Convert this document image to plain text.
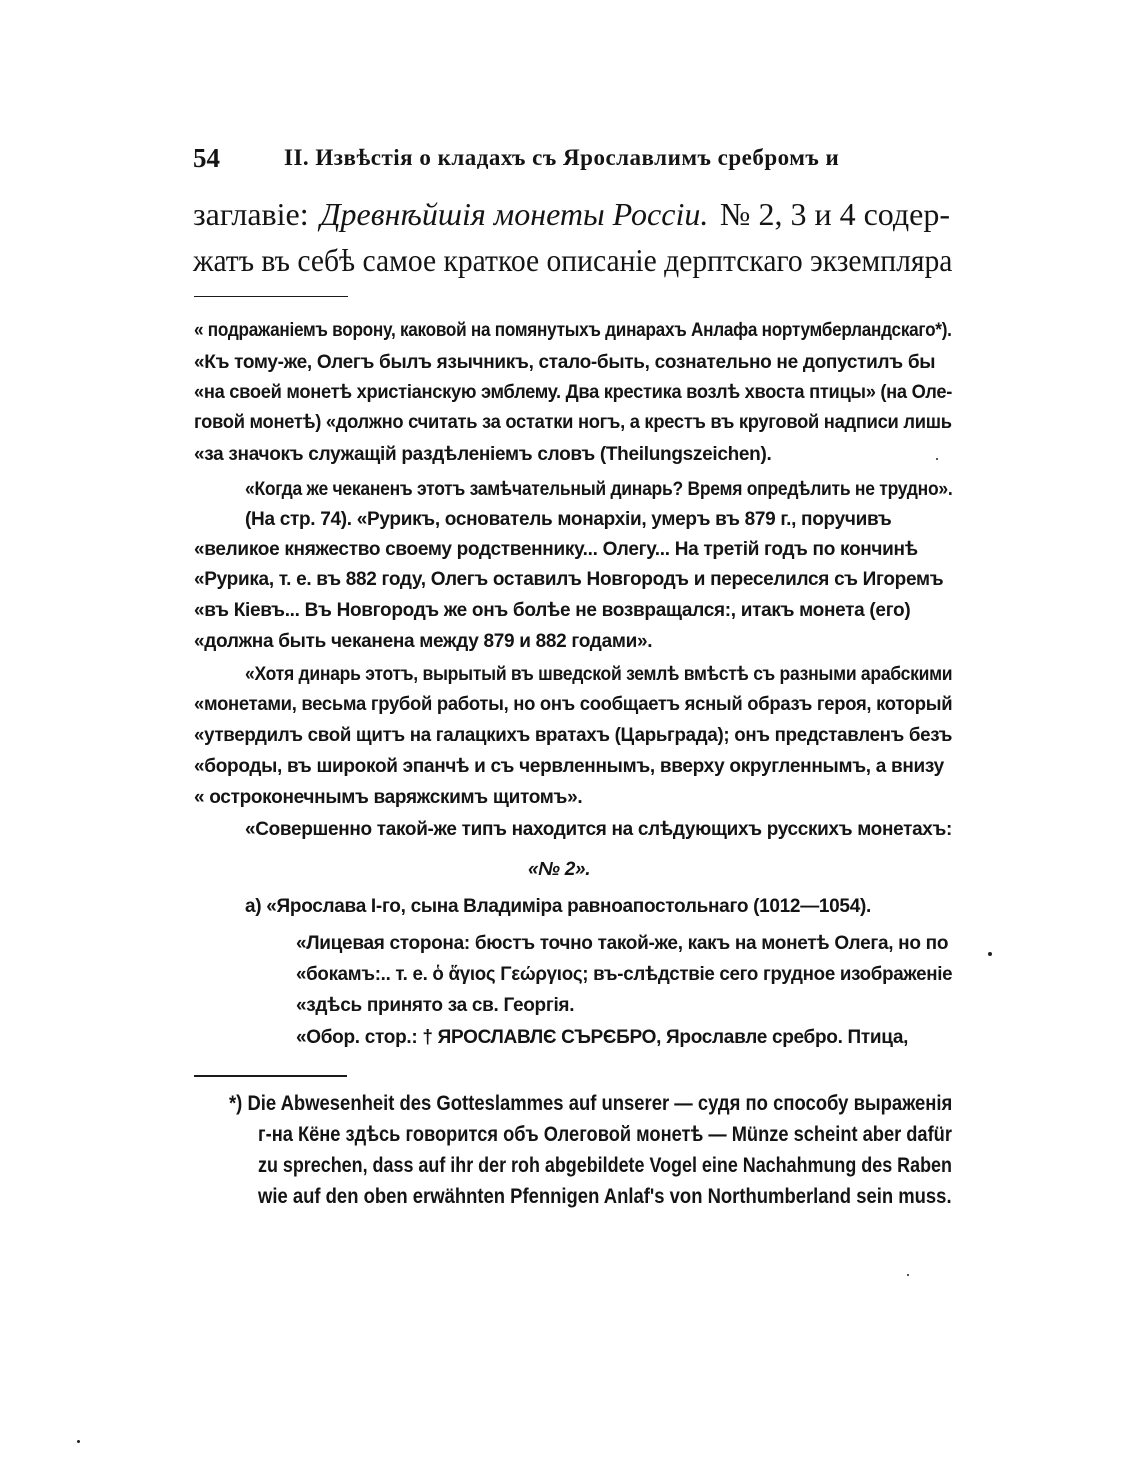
54	II. Извѣстія о кладахъ съ Ярославлимъ сребромъ и
заглавіе: Древнѣйшія монеты Россіи. № 2, 3 и 4 содер-
жатъ въ себѣ самое краткое описаніе дерптскаго экземпляра
« подражаніемъ ворону, каковой на помянутыхъ динарахъ Анлафа нортумберландскаго*).
«Къ тому-же, Олегъ былъ язычникъ, стало-быть, сознательно не допустилъ бы
«на своей монетѣ христіанскую эмблему. Два крестика возлѣ хвоста птицы» (на Оле-
говой монетѣ) «должно считать за остатки ногъ, а крестъ въ круговой надписи лишь
«за значокъ служащій раздѣленіемъ словъ (Theilungszeichen).
«Когда же чеканенъ этотъ замѣчательный динарь? Время опредѣлить не трудно».
(На стр. 74). «Рурикъ, основатель монархіи, умеръ въ 879 г., поручивъ
«великое княжество своему родственнику... Олегу... На третій годъ по кончинѣ
«Рурика, т. е. въ 882 году, Олегъ оставилъ Новгородъ и переселился съ Игоремъ
«въ Кіевъ... Въ Новгородъ же онъ болѣе не возвращался:, итакъ монета (его)
«должна быть чеканена между 879 и 882 годами».
«Хотя динарь этотъ, вырытый въ шведской землѣ вмѣстѣ съ разными арабскими
«монетами, весьма грубой работы, но онъ сообщаетъ ясный образъ героя, который
«утвердилъ свой щитъ на галацкихъ вратахъ (Царьграда); онъ представленъ безъ
«бороды, въ широкой эпанчѣ и съ червленнымъ, вверху округленнымъ, а внизу
« остроконечнымъ варяжскимъ щитомъ».
«Совершенно такой-же типъ находится на слѣдующихъ русскихъ монетахъ:
«№ 2».
a) «Ярослава I-го, сына Владиміра равноапостольнаго (1012—1054).
«Лицевая сторона: бюстъ точно такой-же, какъ на монетѣ Олега, но по
«бокамъ:.. т. е. ὁ ἅγιος Γεώργιος; въ-слѣдствіе сего грудное изображеніе
«здѣсь принято за св. Георгія.
«Обор. стор.: † ЯРОСЛАВЛЄ СЪРЄБРО, Ярославле сребро. Птица,
*) Die Abwesenheit des Gotteslammes auf unserer — судя по способу выраженія
г-на Кёне здѣсь говорится объ Олеговой монетѣ — Münze scheint aber dafür
zu sprechen, dass auf ihr der roh abgebildete Vogel eine Nachahmung des Raben
wie auf den oben erwähnten Pfennigen Anlaf's von Northumberland sein muss.
